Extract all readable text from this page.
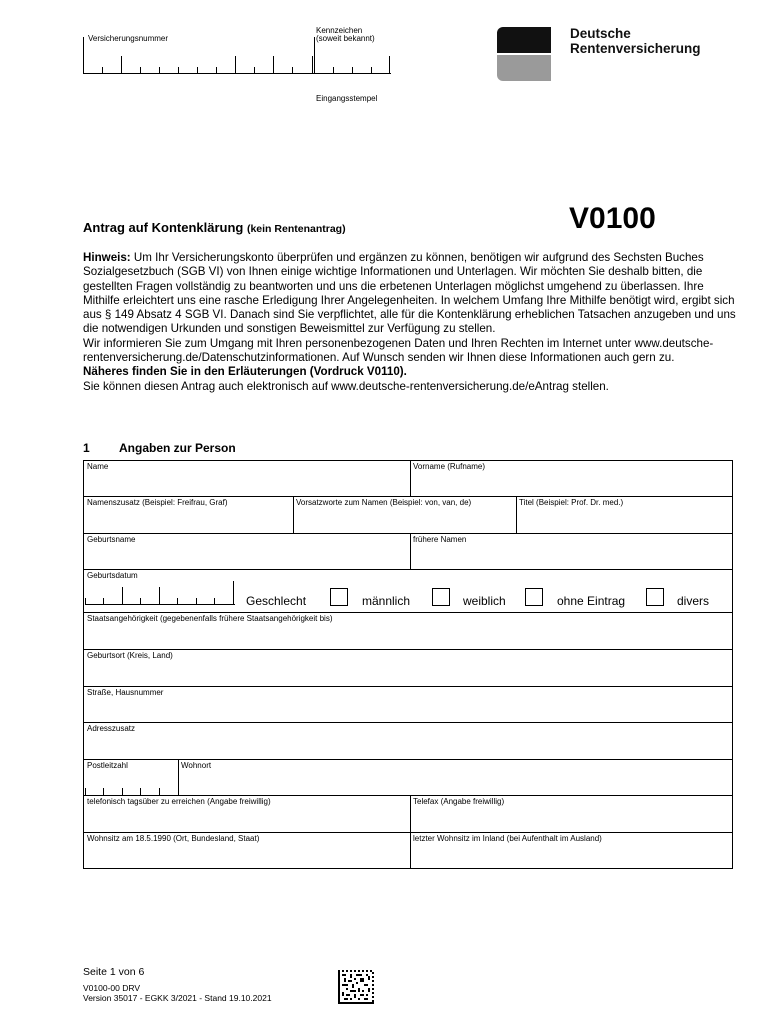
Versicherungsnummer
Kennzeichen
(soweit bekannt)
Eingangsstempel
Deutsche
Rentenversicherung
Antrag auf Kontenklärung (kein Rentenantrag)	V0100
Hinweis: Um Ihr Versicherungskonto überprüfen und ergänzen zu können, benötigen wir aufgrund des Sechsten Buches Sozialgesetzbuch (SGB VI) von Ihnen einige wichtige Informationen und Unterlagen. Wir möchten Sie deshalb bitten, die gestellten Fragen vollständig zu beantworten und uns die erbetenen Unterlagen möglichst umgehend zu überlassen. Ihre Mithilfe erleichtert uns eine rasche Erledigung Ihrer Angelegenheiten. In welchem Umfang Ihre Mithilfe benötigt wird, ergibt sich aus § 149 Absatz 4 SGB VI. Danach sind Sie verpflichtet, alle für die Kontenklärung erheblichen Tatsachen anzugeben und uns die notwendigen Urkunden und sonstigen Beweismittel zur Verfügung zu stellen.
Wir informieren Sie zum Umgang mit Ihren personenbezogenen Daten und Ihren Rechten im Internet unter www.deutsche-rentenversicherung.de/Datenschutzinformationen. Auf Wunsch senden wir Ihnen diese Informationen auch gern zu.
Näheres finden Sie in den Erläuterungen (Vordruck V0110).
Sie können diesen Antrag auch elektronisch auf www.deutsche-rentenversicherung.de/eAntrag stellen.
1 Angaben zur Person
Name	Vorname (Rufname)
Namenszusatz (Beispiel: Freifrau, Graf)	Vorsatzworte zum Namen (Beispiel: von, van, de)	Titel (Beispiel: Prof. Dr. med.)
Geburtsname	frühere Namen
Geburtsdatum
Geschlecht	männlich	weiblich	ohne Eintrag	divers
Staatsangehörigkeit (gegebenenfalls frühere Staatsangehörigkeit bis)
Geburtsort (Kreis, Land)
Straße, Hausnummer
Adresszusatz
Postleitzahl	Wohnort
telefonisch tagsüber zu erreichen (Angabe freiwillig)	Telefax (Angabe freiwillig)
Wohnsitz am 18.5.1990 (Ort, Bundesland, Staat)	letzter Wohnsitz im Inland (bei Aufenthalt im Ausland)
Seite 1 von 6
V0100-00 DRV
Version 35017 - EGKK 3/2021 - Stand 19.10.2021
